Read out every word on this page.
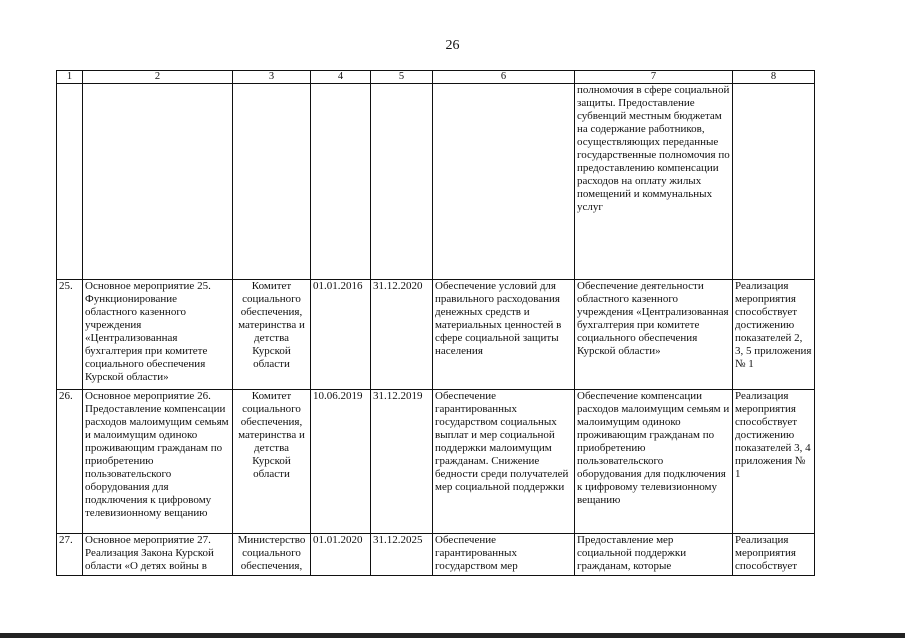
26
1	2	3	4	5	6	7	8
						полномочия в сфере социальной защиты. Предоставление субвенций местным бюджетам на содержание работников, осуществляющих переданные государственные полномочия по предоставлению компенсации расходов на оплату жилых помещений и коммунальных услуг	
25.	Основное мероприятие 25. Функционирование областного казенного учреждения «Централизованная бухгалтерия при комитете социального обеспечения Курской области»	Комитет социального обеспечения, материнства и детства Курской области	01.01.2016	31.12.2020	Обеспечение условий для правильного расходования денежных средств и материальных ценностей в сфере социальной защиты населения	Обеспечение деятельности областного казенного учреждения «Централизованная бухгалтерия при комитете социального обеспечения Курской области»	Реализация мероприятия способствует достижению показателей 2, 3, 5 приложения № 1
26.	Основное мероприятие 26. Предоставление компенсации расходов малоимущим семьям и малоимущим одиноко проживающим гражданам по приобретению пользовательского оборудования для подключения к цифровому телевизионному вещанию	Комитет социального обеспечения, материнства и детства Курской области	10.06.2019	31.12.2019	Обеспечение гарантированных государством социальных выплат и мер социальной поддержки малоимущим гражданам. Снижение бедности среди получателей мер социальной поддержки	Обеспечение компенсации расходов малоимущим семьям и малоимущим одиноко проживающим гражданам по приобретению пользовательского оборудования для подключения к цифровому телевизионному вещанию	Реализация мероприятия способствует достижению показателей 3, 4 приложения № 1
27.	Основное мероприятие 27. Реализация Закона Курской области «О детях войны в	Министерство социального обеспечения,	01.01.2020	31.12.2025	Обеспечение гарантированных государством мер	Предоставление мер социальной поддержки гражданам, которые	Реализация мероприятия способствует
